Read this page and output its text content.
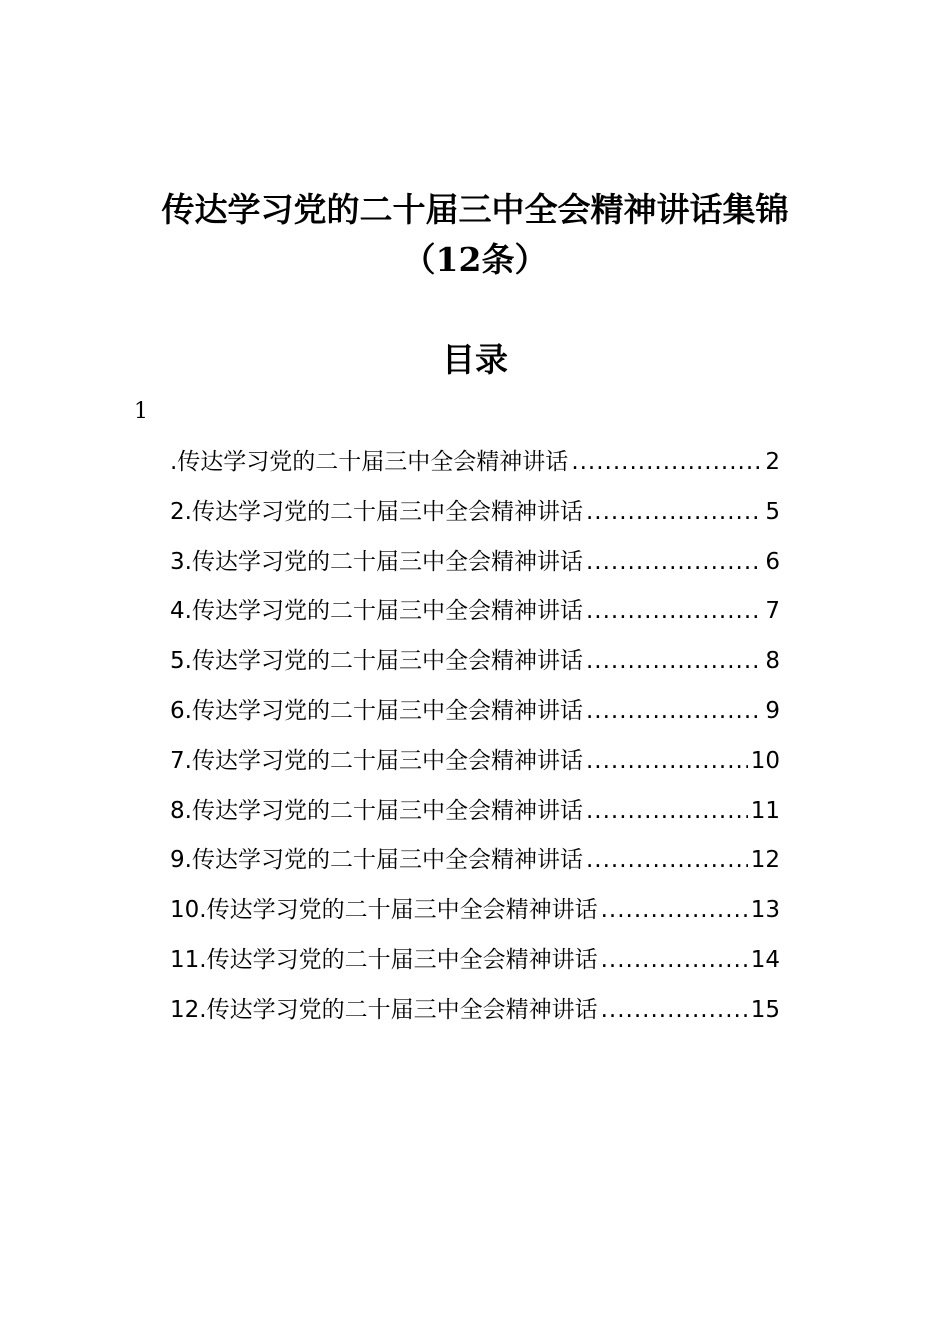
传达学习党的二十届三中全会精神讲话集锦
（12条）
目录
1
.传达学习党的二十届三中全会精神讲话 .....	2
2.传达学习党的二十届三中全会精神讲话 .....	5
3.传达学习党的二十届三中全会精神讲话 .....	6
4.传达学习党的二十届三中全会精神讲话 .....	7
5.传达学习党的二十届三中全会精神讲话 .....	8
6.传达学习党的二十届三中全会精神讲话 .....	9
7.传达学习党的二十届三中全会精神讲话 .....	10
8.传达学习党的二十届三中全会精神讲话 .....	11
9.传达学习党的二十届三中全会精神讲话 .....	12
10.传达学习党的二十届三中全会精神讲话 .....	13
11.传达学习党的二十届三中全会精神讲话 .....	14
12.传达学习党的二十届三中全会精神讲话 .....	15
